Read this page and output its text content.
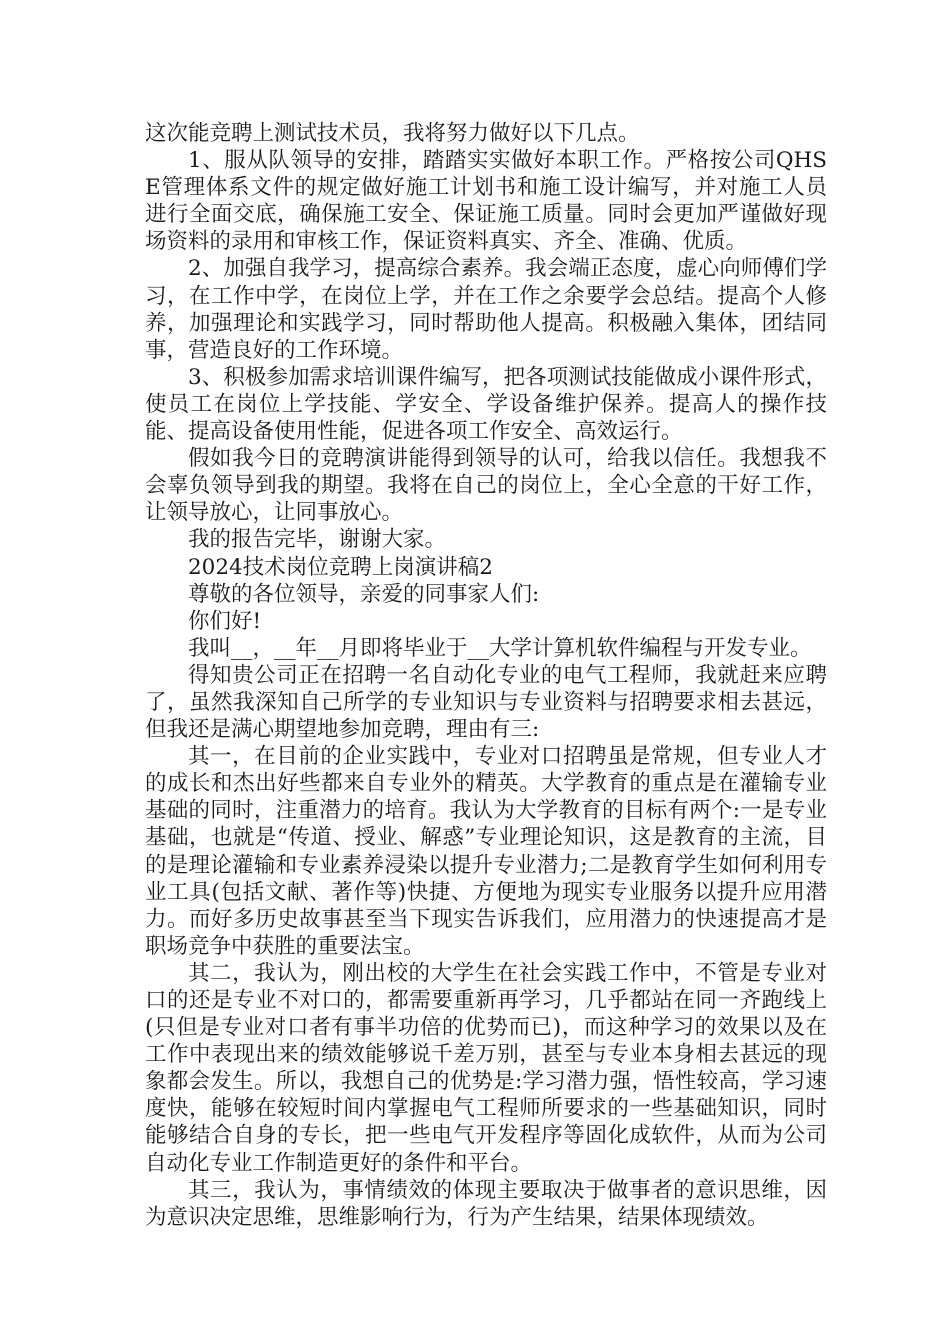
这次能竞聘上测试技术员，我将努力做好以下几点。

1、服从队领导的安排，踏踏实实做好本职工作。严格按公司QHSE管理体系文件的规定做好施工计划书和施工设计编写，并对施工人员进行全面交底，确保施工安全、保证施工质量。同时会更加严谨做好现场资料的录用和审核工作，保证资料真实、齐全、准确、优质。

2、加强自我学习，提高综合素养。我会端正态度，虚心向师傅们学习，在工作中学，在岗位上学，并在工作之余要学会总结。提高个人修养，加强理论和实践学习，同时帮助他人提高。积极融入集体，团结同事，营造良好的工作环境。

3、积极参加需求培训课件编写，把各项测试技能做成小课件形式，使员工在岗位上学技能、学安全、学设备维护保养。提高人的操作技能、提高设备使用性能，促进各项工作安全、高效运行。

假如我今日的竞聘演讲能得到领导的认可，给我以信任。我想我不会辜负领导到我的期望。我将在自己的岗位上，全心全意的干好工作，让领导放心，让同事放心。

我的报告完毕，谢谢大家。

2024技术岗位竞聘上岗演讲稿2

尊敬的各位领导，亲爱的同事家人们:

你们好!

我叫__，__年__月即将毕业于__大学计算机软件编程与开发专业。

得知贵公司正在招聘一名自动化专业的电气工程师，我就赶来应聘了，虽然我深知自己所学的专业知识与专业资料与招聘要求相去甚远，但我还是满心期望地参加竞聘，理由有三:

其一，在目前的企业实践中，专业对口招聘虽是常规，但专业人才的成长和杰出好些都来自专业外的精英。大学教育的重点是在灌输专业基础的同时，注重潜力的培育。我认为大学教育的目标有两个:一是专业基础，也就是“传道、授业、解惑”专业理论知识，这是教育的主流，目的是理论灌输和专业素养浸染以提升专业潜力;二是教育学生如何利用专业工具(包括文献、著作等)快捷、方便地为现实专业服务以提升应用潜力。而好多历史故事甚至当下现实告诉我们，应用潜力的快速提高才是职场竞争中获胜的重要法宝。

其二，我认为，刚出校的大学生在社会实践工作中，不管是专业对口的还是专业不对口的，都需要重新再学习，几乎都站在同一齐跑线上(只但是专业对口者有事半功倍的优势而已)，而这种学习的效果以及在工作中表现出来的绩效能够说千差万别，甚至与专业本身相去甚远的现象都会发生。所以，我想自己的优势是:学习潜力强，悟性较高，学习速度快，能够在较短时间内掌握电气工程师所要求的一些基础知识，同时能够结合自身的专长，把一些电气开发程序等固化成软件，从而为公司自动化专业工作制造更好的条件和平台。

其三，我认为，事情绩效的体现主要取决于做事者的意识思维，因为意识决定思维，思维影响行为，行为产生结果，结果体现绩效。
